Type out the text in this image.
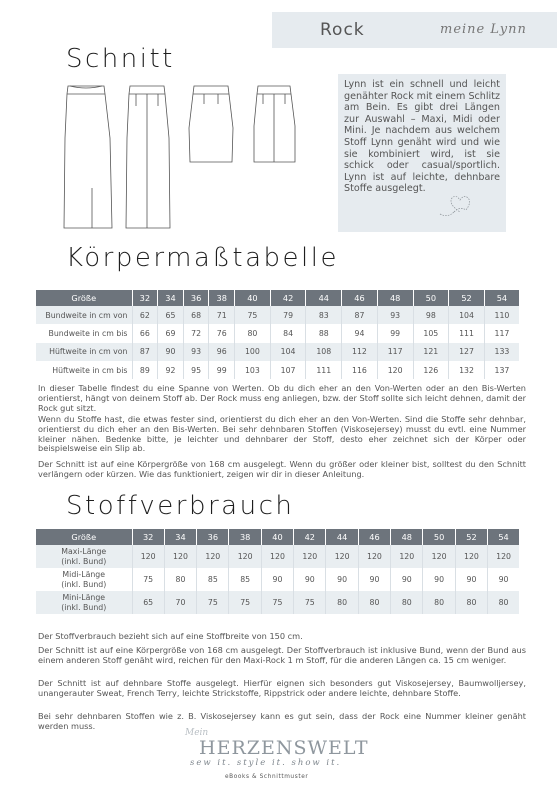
Rock	meine Lynn
Schnitt

Lynn ist ein schnell und leicht genähter Rock mit einem Schlitz am Bein. Es gibt drei Längen zur Auswahl – Maxi, Midi oder Mini. Je nachdem aus welchem Stoff Lynn genäht wird und wie sie kombiniert wird, ist sie schick oder casual/sportlich. Lynn ist auf leichte, dehnbare Stoffe ausgelegt.

Körpermaßtabelle
Größe	32	34	36	38	40	42	44	46	48	50	52	54
Bundweite in cm von	62	65	68	71	75	79	83	87	93	98	104	110
Bundweite in cm bis	66	69	72	76	80	84	88	94	99	105	111	117
Hüftweite in cm von	87	90	93	96	100	104	108	112	117	121	127	133
Hüftweite in cm bis	89	92	95	99	103	107	111	116	120	126	132	137

In dieser Tabelle findest du eine Spanne von Werten. Ob du dich eher an den Von-Werten oder an den Bis-Werten orientierst, hängt von deinem Stoff ab. Der Rock muss eng anliegen, bzw. der Stoff sollte sich leicht dehnen, damit der Rock gut sitzt.

Wenn du Stoffe hast, die etwas fester sind, orientierst du dich eher an den Von-Werten. Sind die Stoffe sehr dehnbar, orientierst du dich eher an den Bis-Werten. Bei sehr dehnbaren Stoffen (Viskosejersey) musst du evtl. eine Nummer kleiner nähen. Bedenke bitte, je leichter und dehnbarer der Stoff, desto eher zeichnet sich der Körper oder beispielsweise ein Slip ab.

Der Schnitt ist auf eine Körpergröße von 168 cm ausgelegt. Wenn du größer oder kleiner bist, solltest du den Schnitt verlängern oder kürzen. Wie das funktioniert, zeigen wir dir in dieser Anleitung.

Stoffverbrauch
Größe	32	34	36	38	40	42	44	46	48	50	52	54

Maxi-Länge
(inkl. Bund)	120	120	120	120	120	120	120	120	120	120	120	120

Midi-Länge
(inkl. Bund)	75	80	85	85	90	90	90	90	90	90	90	90

Mini-Länge
(inkl. Bund)	65	70	75	75	75	75	80	80	80	80	80	80

Der Stoffverbrauch bezieht sich auf eine Stoffbreite von 150 cm.

Der Schnitt ist auf eine Körpergröße von 168 cm ausgelegt. Der Stoffverbrauch ist inklusive Bund, wenn der Bund aus einem anderen Stoff genäht wird, reichen für den Maxi-Rock 1 m Stoff, für die anderen Längen ca. 15 cm weniger.

Der Schnitt ist auf dehnbare Stoffe ausgelegt. Hierfür eignen sich besonders gut Viskosejersey, Baumwolljersey, unangerauter Sweat, French Terry, leichte Strickstoffe, Rippstrick oder andere leichte, dehnbare Stoffe.

Bei sehr dehnbaren Stoffen wie z. B. Viskosejersey kann es gut sein, dass der Rock eine Nummer kleiner genäht werden muss.

Mein
HERZENSWELT
sew it. style it. show it.
eBooks & Schnittmuster
